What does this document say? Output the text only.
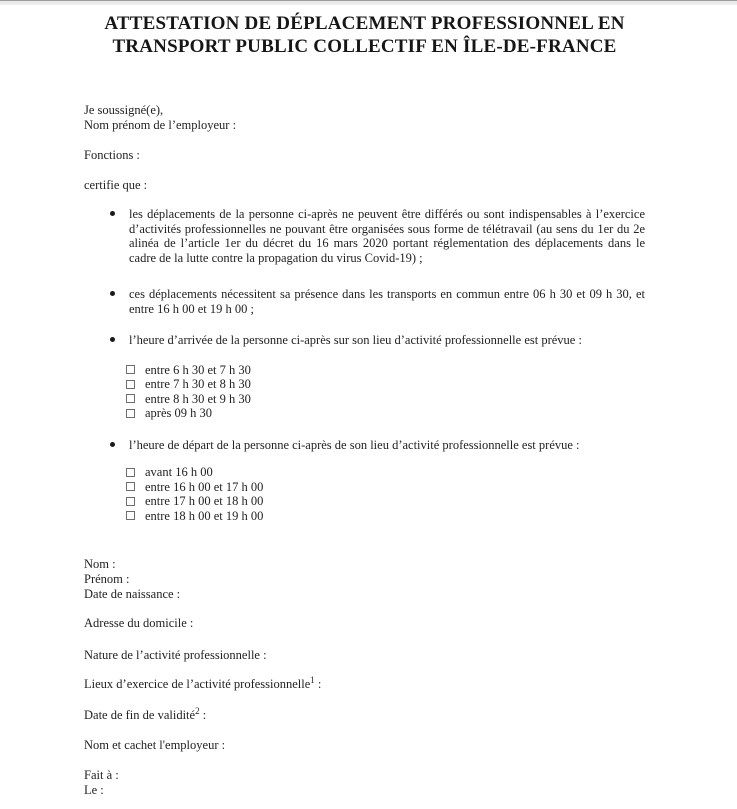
ATTESTATION DE DÉPLACEMENT PROFESSIONNEL EN
TRANSPORT PUBLIC COLLECTIF EN ÎLE-DE-FRANCE
Je soussigné(e),
Nom prénom de l’employeur :
Fonctions :
certifie que :
les déplacements de la personne ci-après ne peuvent être différés ou sont indispensables à l’exercice d’activités professionnelles ne pouvant être organisées sous forme de télétravail (au sens du 1er du 2e alinéa de l’article 1er du décret du 16 mars 2020 portant réglementation des déplacements dans le cadre de la lutte contre la propagation du virus Covid-19) ;
ces déplacements nécessitent sa présence dans les transports en commun entre 06 h 30 et 09 h 30, et entre 16 h 00 et 19 h 00 ;
l’heure d’arrivée de la personne ci-après sur son lieu d’activité professionnelle est prévue :
entre 6 h 30 et 7 h 30
entre 7 h 30 et 8 h 30
entre 8 h 30 et 9 h 30
après 09 h 30
l’heure de départ de la personne ci-après de son lieu d’activité professionnelle est prévue :
avant 16 h 00
entre 16 h 00 et 17 h 00
entre 17 h 00 et 18 h 00
entre 18 h 00 et 19 h 00
Nom :
Prénom :
Date de naissance :
Adresse du domicile :
Nature de l’activité professionnelle :
Lieux d’exercice de l’activité professionnelle$^1$ :
Date de fin de validité$^2$ :
Nom et cachet l'employeur :
Fait à :
Le :
